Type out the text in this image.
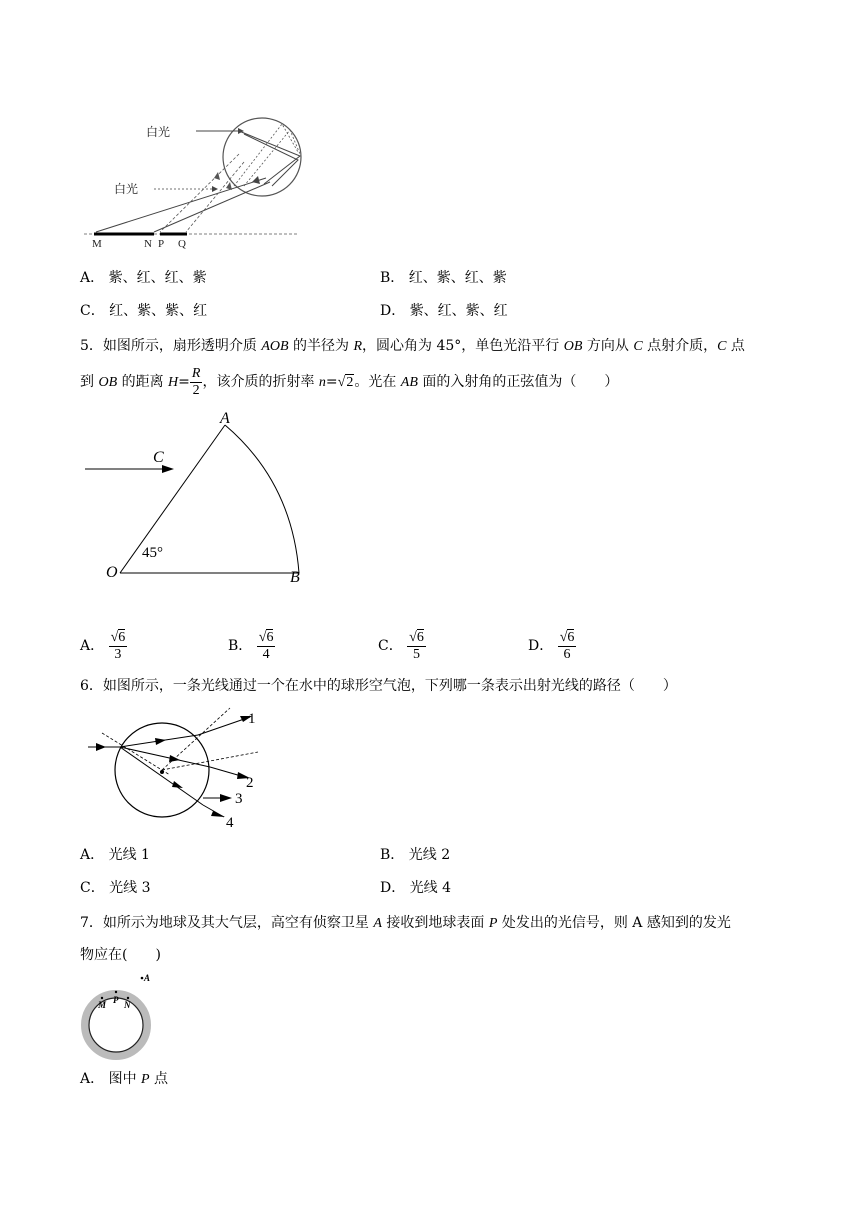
白光
白光
M	N P Q
A． 紫、红、红、紫	B． 红、紫、红、紫
C． 红、紫、紫、红	D． 紫、红、紫、红
5．如图所示，扇形透明介质 AOB 的半径为 R，圆心角为 45°，单色光沿平行 OB 方向从 C 点射介质，C 点
到 OB 的距离 $H= \frac{R}{2}$ ，该介质的折射率 n=√2。光在 AB 面的入射角的正弦值为（　　）
A
C
O	B
45°
A． $\frac{√6}{3}$	B． $\frac{√6}{4}$	C． $\frac{√6}{5}$	D． $\frac{√6}{6}$
6．如图所示，一条光线通过一个在水中的球形空气泡，下列哪一条表示出射光线的路径（　　）
1
2
3
4
A． 光线 1	B． 光线 2
C． 光线 3	D． 光线 4
7．如所示为地球及其大气层，高空有侦察卫星 A 接收到地球表面 P 处发出的光信号，则 A 感知到的发光
物应在(　　)
A
M P N
A． 图中 P 点
